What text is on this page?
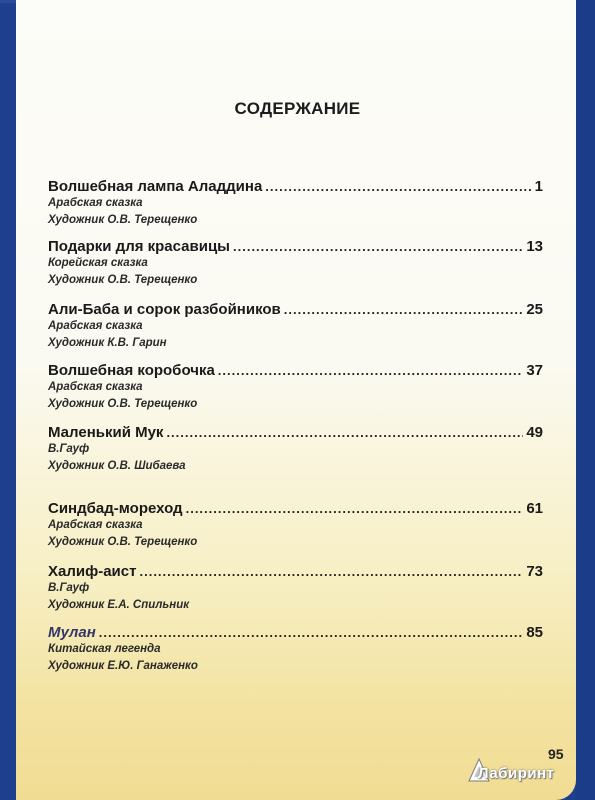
СОДЕРЖАНИЕ
Волшебная лампа Аладдина .....	1
Арабская сказка
Художник О.В. Терещенко
Подарки для красавицы .....	13
Корейская сказка
Художник О.В. Терещенко
Али-Баба и сорок разбойников .....	25
Арабская сказка
Художник К.В. Гарин
Волшебная коробочка .....	37
Арабская сказка
Художник О.В. Терещенко
Маленький Мук .....	49
В.Гауф
Художник О.В. Шибаева
Синдбад-мореход .....	61
Арабская сказка
Художник О.В. Терещенко
Халиф-аист .....	73
В.Гауф
Художник Е.А. Спильник
Мулан .....	85
Китайская легенда
Художник Е.Ю. Ганаженко
95
Лабиринт
